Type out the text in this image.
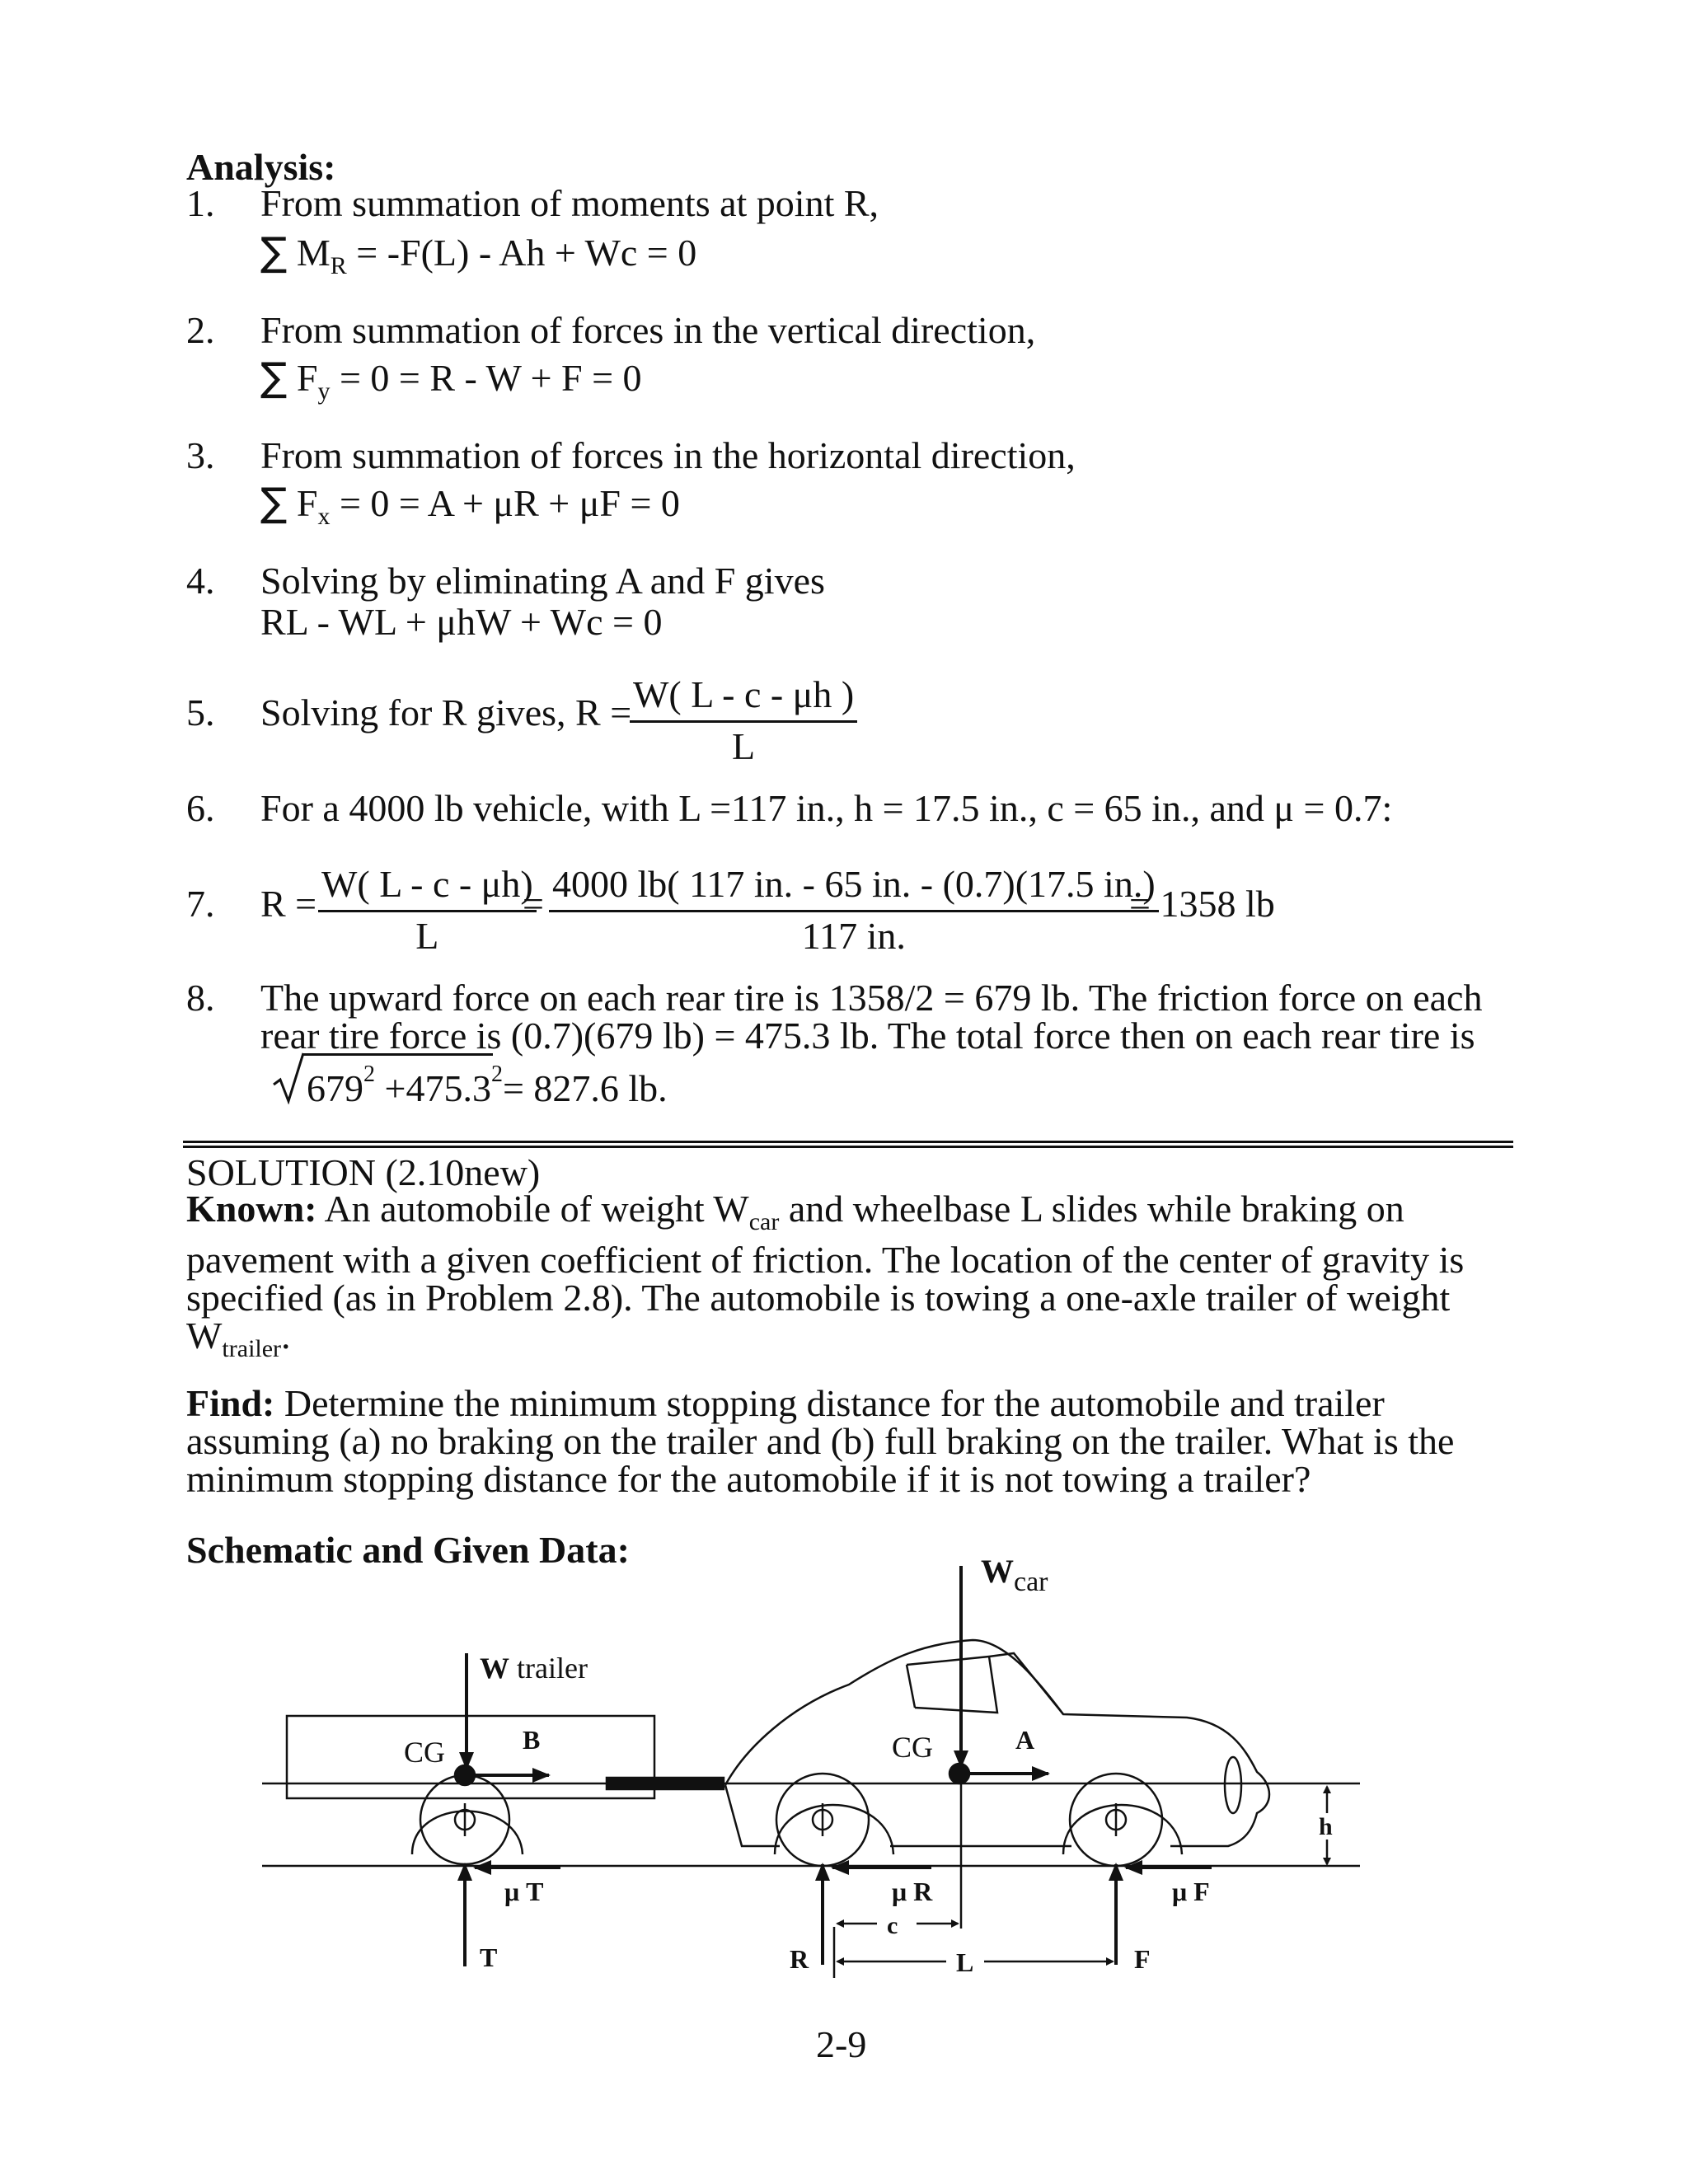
Analysis:
1. From summation of moments at point R,
∑ $M_R = -F(L) - Ah + Wc = 0$
2. From summation of forces in the vertical direction,
∑ $F_y = 0 = R - W + F = 0$
3. From summation of forces in the horizontal direction,
∑ $F_x = 0 = A + \mu R + \mu F = 0$
4. Solving by eliminating A and F gives
RL - WL + μhW + Wc = 0
5. Solving for R gives, R =
$\frac{W( L - c - \mu h )}{L}$
6. For a 4000 lb vehicle, with L =117 in., h = 17.5 in., c = 65 in., and μ = 0.7:
7. $R = \frac{W( L - c - \mu h)}{L}$
= $\frac{4000 lb( 117 in. - 65 in. - (0.7)(17.5 in.)}{117 in.}$
= 1358 lb
8. The upward force on each rear tire is 1358/2 = 679 lb. The friction force on each
rear tire force is (0.7)(679 lb) = 475.3 lb. The total force then on each rear tire is
$679^2 +475.3^2= 827.6$ lb.
SOLUTION (2.10new)
Known: An automobile of weight $W_{car}$ and wheelbase L slides while braking on
pavement with a given coefficient of friction. The location of the center of gravity is
specified (as in Problem 2.8). The automobile is towing a one-axle trailer of weight
$W_{trailer}$.
Find: Determine the minimum stopping distance for the automobile and trailer
assuming (a) no braking on the trailer and (b) full braking on the trailer. What is the
minimum stopping distance for the automobile if it is not towing a trailer?
Schematic and Given Data:
$W_{car}$
W trailer
CG	CG
B	A
h
μ T	μ R	μ F
T	R	F
c
L
2-9
